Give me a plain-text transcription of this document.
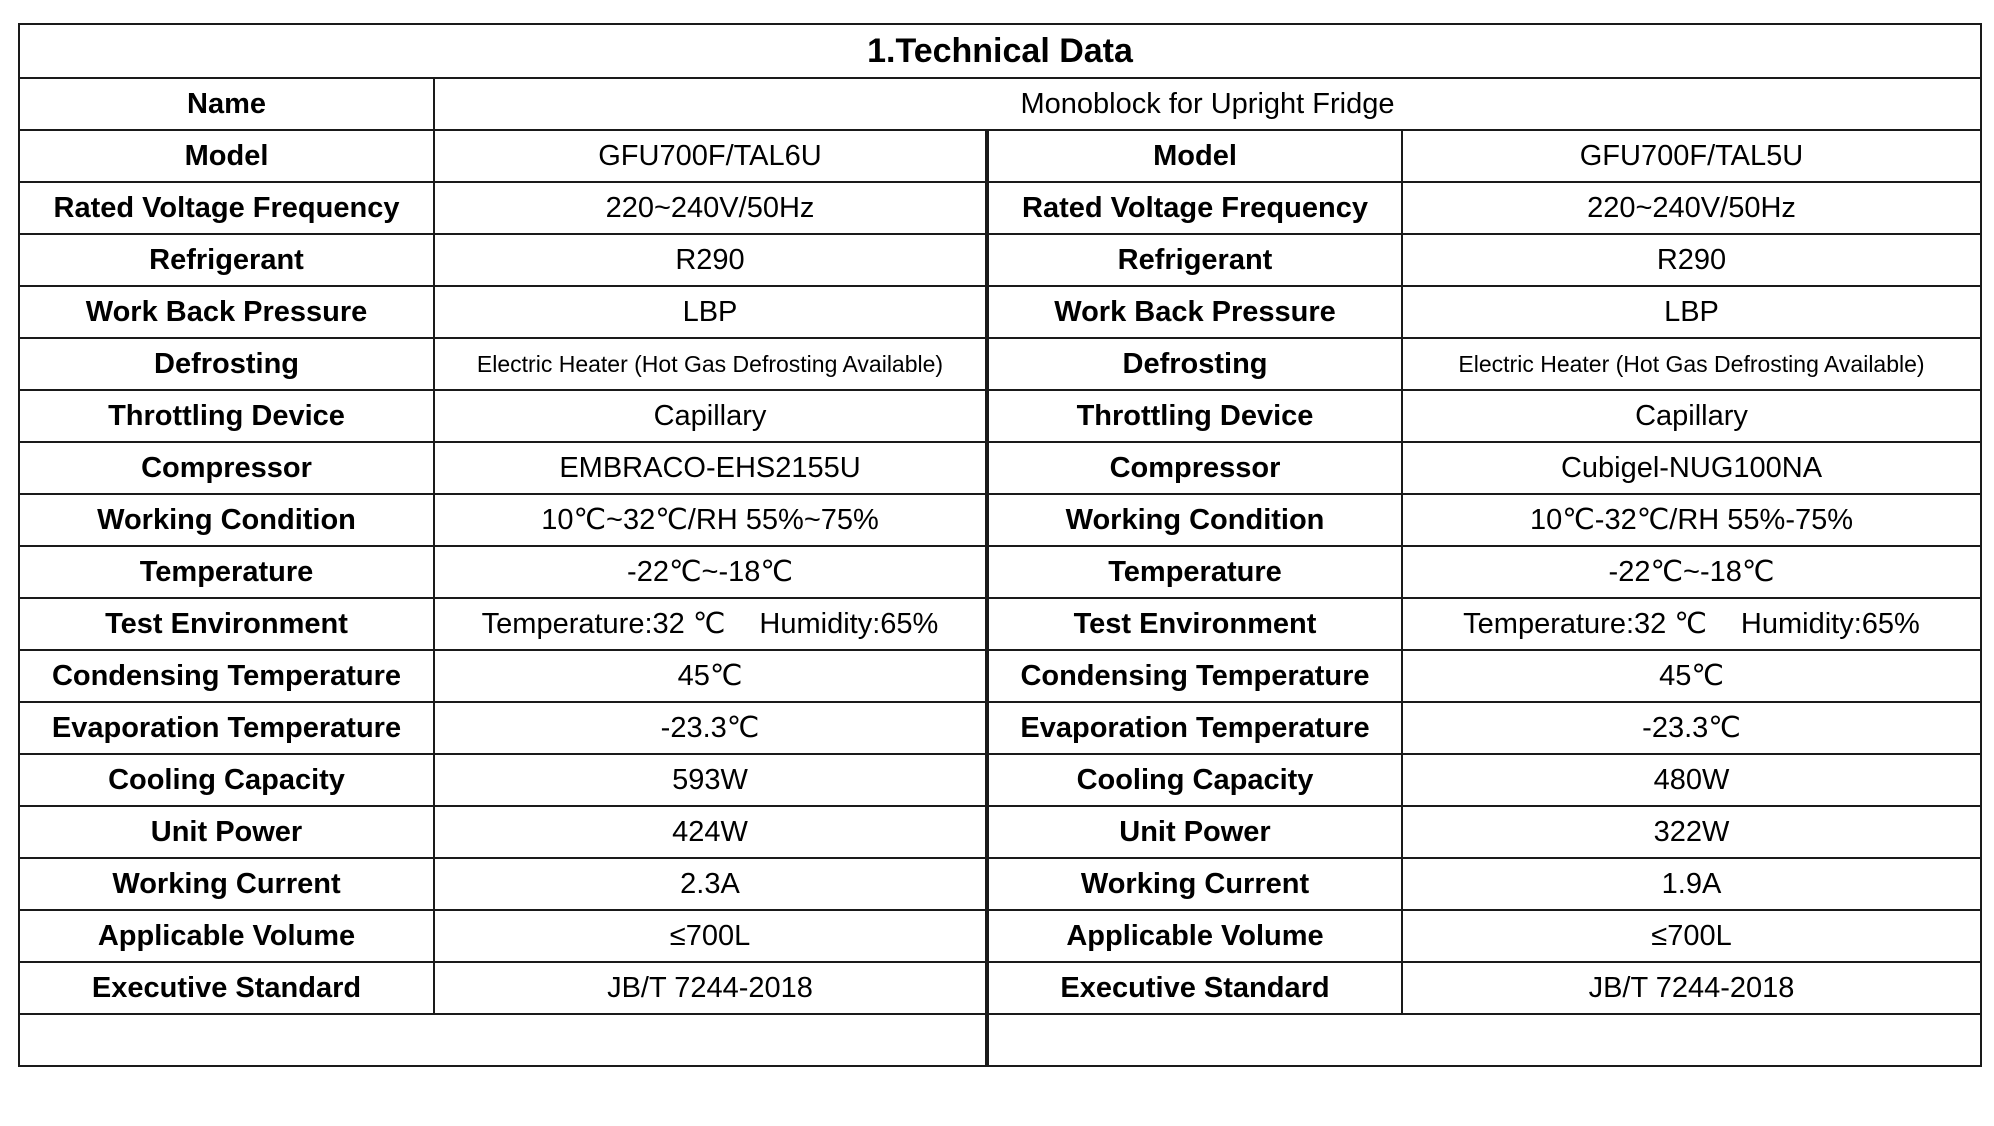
1.Technical Data			
Name	Monoblock for Upright Fridge		
Model	GFU700F/TAL6U	Model	GFU700F/TAL5U
Rated Voltage Frequency	220~240V/50Hz	Rated Voltage Frequency	220~240V/50Hz
Refrigerant	R290	Refrigerant	R290
Work Back Pressure	LBP	Work Back Pressure	LBP
Defrosting	Electric Heater (Hot Gas Defrosting Available)	Defrosting	Electric Heater (Hot Gas Defrosting Available)
Throttling Device	Capillary	Throttling Device	Capillary
Compressor	EMBRACO-EHS2155U	Compressor	Cubigel-NUG100NA
Working Condition	10℃~32℃/RH 55%~75%	Working Condition	10℃-32℃/RH 55%-75%
Temperature	-22℃~-18℃	Temperature	-22℃~-18℃
Test Environment	Temperature:32 ℃ Humidity:65%	Test Environment	Temperature:32 ℃ Humidity:65%
Condensing Temperature	45℃	Condensing Temperature	45℃
Evaporation Temperature	-23.3℃	Evaporation Temperature	-23.3℃
Cooling Capacity	593W	Cooling Capacity	480W
Unit Power	424W	Unit Power	322W
Working Current	2.3A	Working Current	1.9A
Applicable Volume	≤700L	Applicable Volume	≤700L
Executive Standard	JB/T 7244-2018	Executive Standard	JB/T 7244-2018
